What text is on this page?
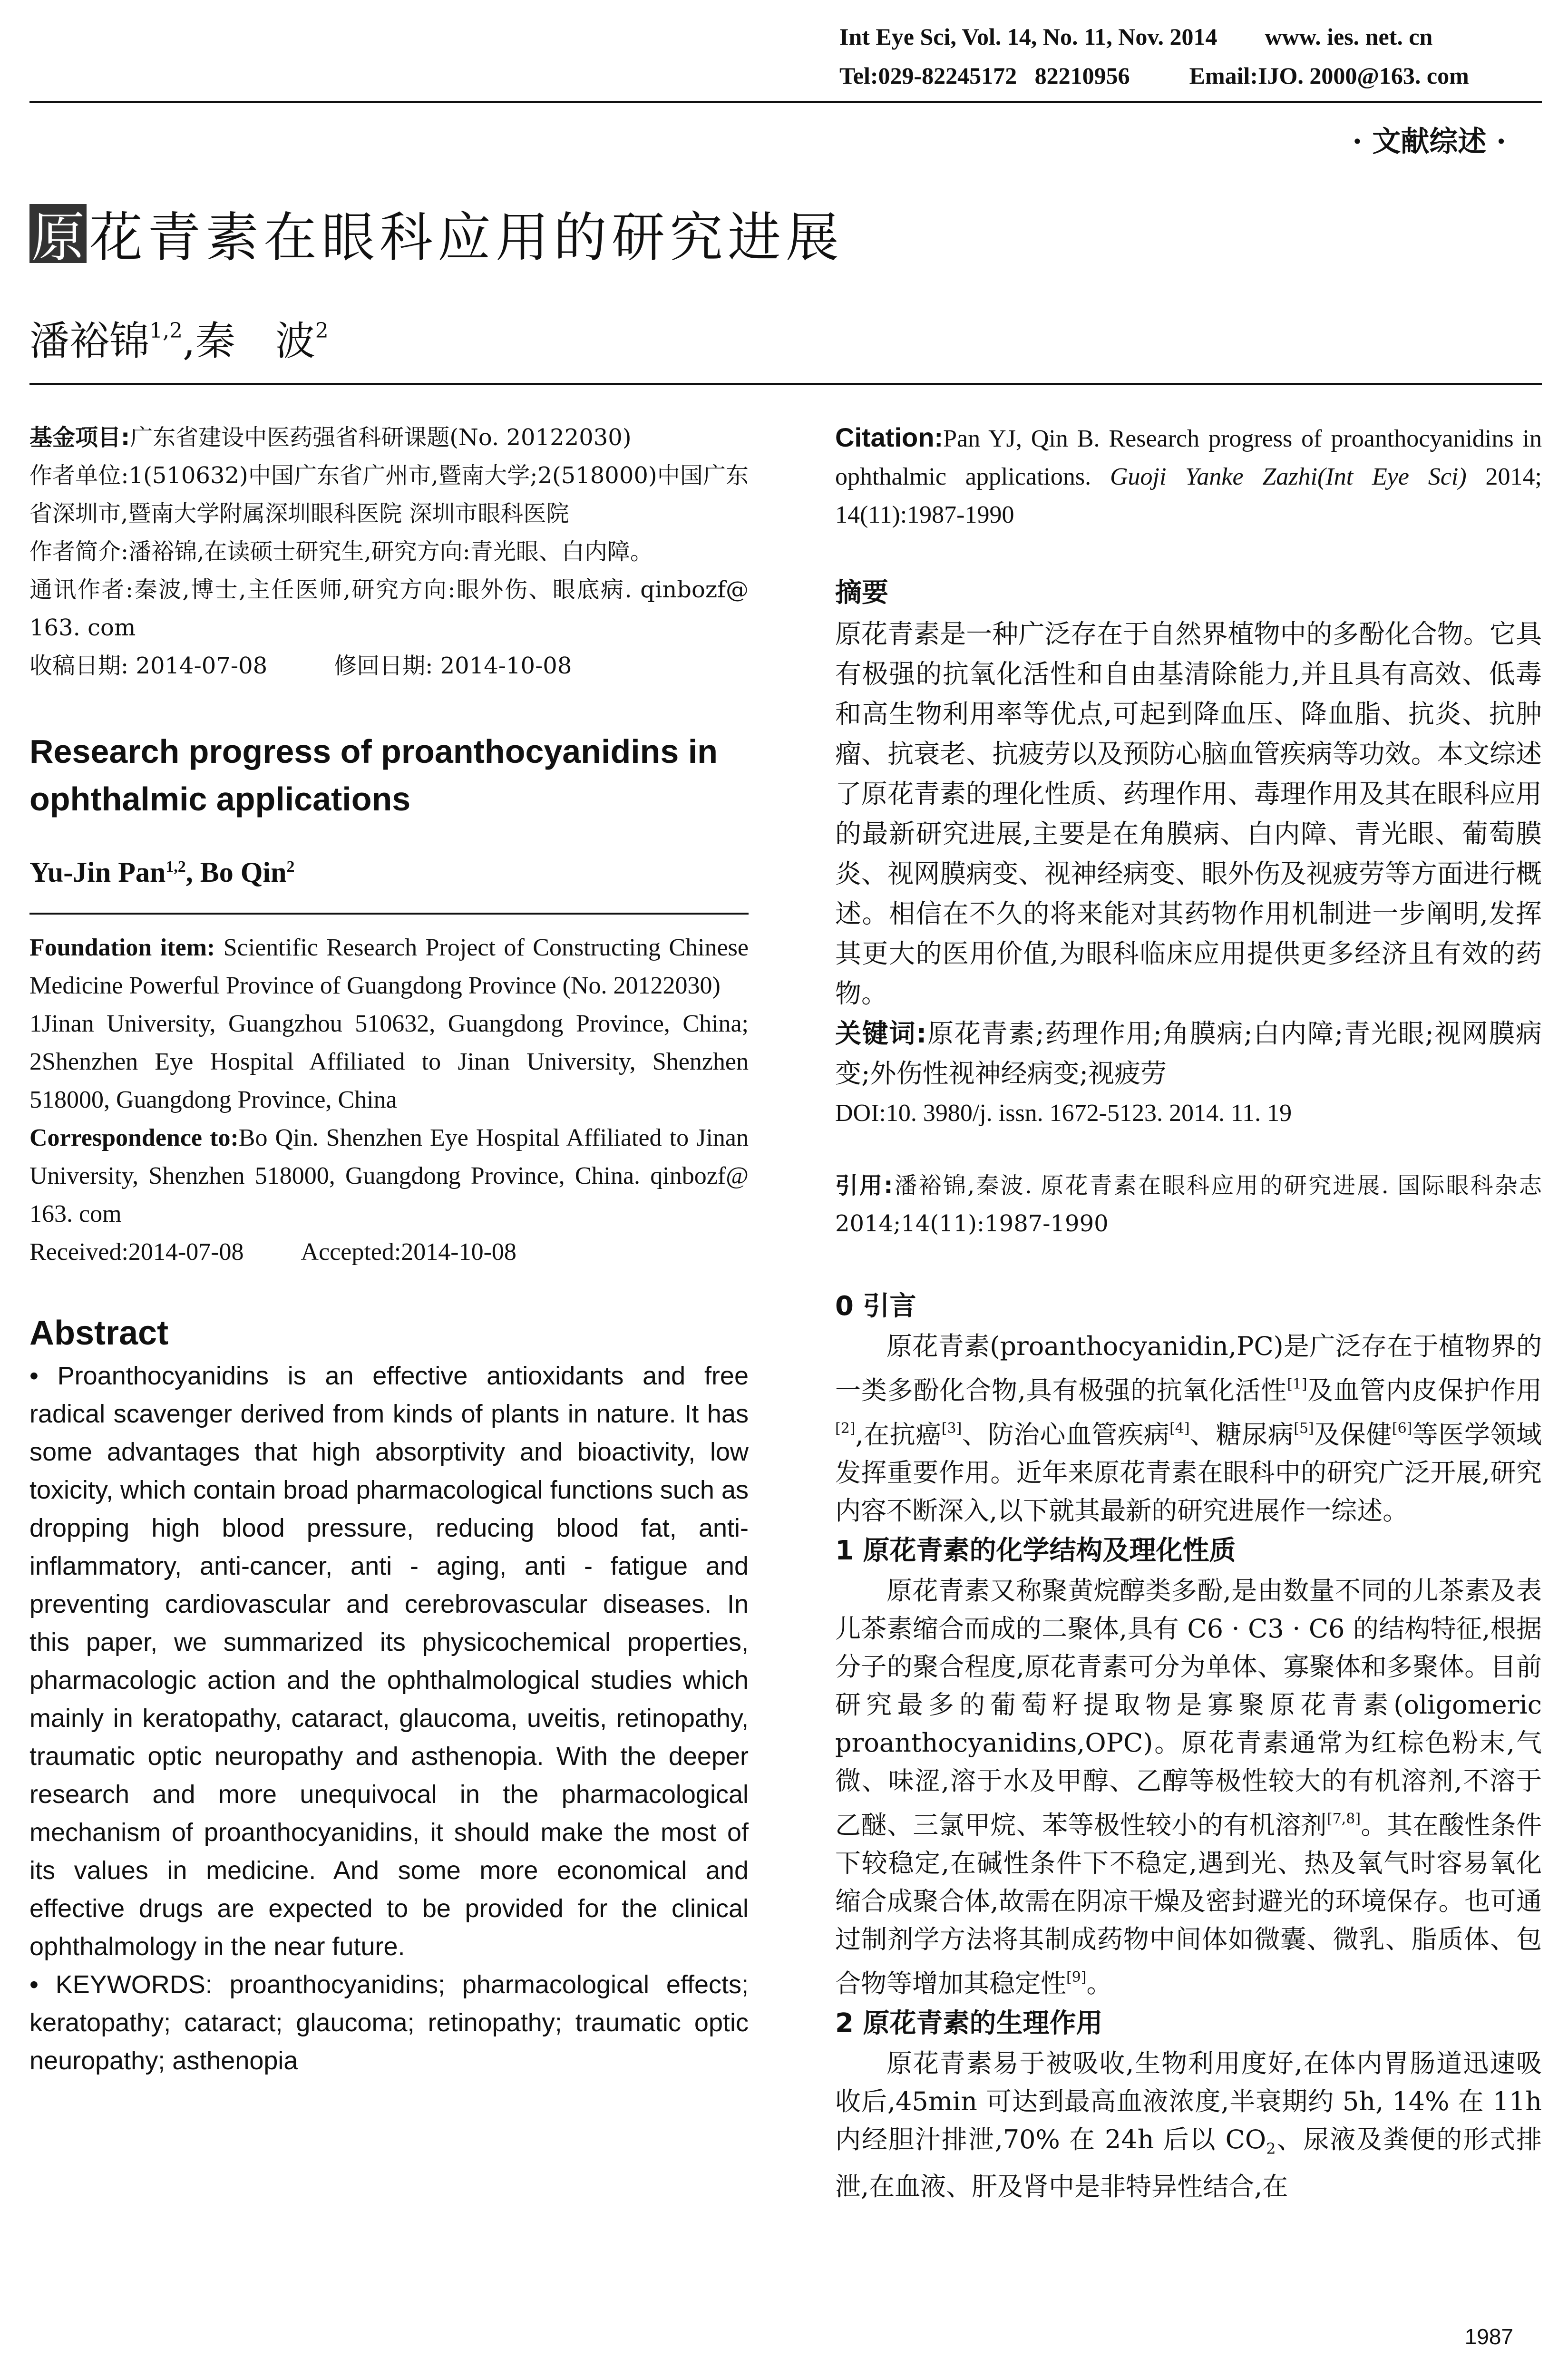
Int Eye Sci, Vol. 14, No. 11, Nov. 2014        www. ies. net. cn
Tel:029-82245172   82210956          Email:IJO. 2000@163. com
· 文献综述 ·
原 花青素在眼科应用的研究进展
潘裕锦$^{1,2}$,秦　波$^2$
基金项目:广东省建设中医药强省科研课题(No. 20122030)
作者单位:1(510632)中国广东省广州市,暨南大学;2(518000)中国广东省深圳市,暨南大学附属深圳眼科医院 深圳市眼科医院
作者简介:潘裕锦,在读硕士研究生,研究方向:青光眼、白内障。
通讯作者:秦波,博士,主任医师,研究方向:眼外伤、眼底病. qinbozf@ 163. com
收稿日期: 2014-07-08	修回日期: 2014-10-08
Research progress of proanthocyanidins in ophthalmic applications
Yu-Jin Pan$^{1,2}$, Bo Qin$^2$
Foundation item: Scientific Research Project of Constructing Chinese Medicine Powerful Province of Guangdong Province (No. 20122030)
1Jinan University, Guangzhou 510632, Guangdong Province, China; 2Shenzhen Eye Hospital Affiliated to Jinan University, Shenzhen 518000, Guangdong Province, China
Correspondence to:Bo Qin. Shenzhen Eye Hospital Affiliated to Jinan University, Shenzhen 518000, Guangdong Province, China. qinbozf@ 163. com
Received:2014-07-08 Accepted:2014-10-08
Abstract
• Proanthocyanidins is an effective antioxidants and free radical scavenger derived from kinds of plants in nature. It has some advantages that high absorptivity and bioactivity, low toxicity, which contain broad pharmacological functions such as dropping high blood pressure, reducing blood fat, anti-inflammatory, anti-cancer, anti - aging, anti - fatigue and preventing cardiovascular and cerebrovascular diseases. In this paper, we summarized its physicochemical properties, pharmacologic action and the ophthalmological studies which mainly in keratopathy, cataract, glaucoma, uveitis, retinopathy, traumatic optic neuropathy and asthenopia. With the deeper research and more unequivocal in the pharmacological mechanism of proanthocyanidins, it should make the most of its values in medicine. And some more economical and effective drugs are expected to be provided for the clinical ophthalmology in the near future.
• KEYWORDS: proanthocyanidins; pharmacological effects; keratopathy; cataract; glaucoma; retinopathy; traumatic optic neuropathy; asthenopia
Citation:Pan YJ, Qin B. Research progress of proanthocyanidins in ophthalmic applications. Guoji Yanke Zazhi(Int Eye Sci) 2014; 14(11):1987-1990
摘要
原花青素是一种广泛存在于自然界植物中的多酚化合物。它具有极强的抗氧化活性和自由基清除能力,并且具有高效、低毒和高生物利用率等优点,可起到降血压、降血脂、抗炎、抗肿瘤、抗衰老、抗疲劳以及预防心脑血管疾病等功效。本文综述了原花青素的理化性质、药理作用、毒理作用及其在眼科应用的最新研究进展,主要是在角膜病、白内障、青光眼、葡萄膜炎、视网膜病变、视神经病变、眼外伤及视疲劳等方面进行概述。相信在不久的将来能对其药物作用机制进一步阐明,发挥其更大的医用价值,为眼科临床应用提供更多经济且有效的药物。
关键词:原花青素;药理作用;角膜病;白内障;青光眼;视网膜病变;外伤性视神经病变;视疲劳
DOI:10. 3980/j. issn. 1672-5123. 2014. 11. 19
引用:潘裕锦,秦波. 原花青素在眼科应用的研究进展. 国际眼科杂志 2014;14(11):1987-1990
0 引言
原花青素(proanthocyanidin,PC)是广泛存在于植物界的一类多酚化合物,具有极强的抗氧化活性[1]及血管内皮保护作用[2],在抗癌[3]、防治心血管疾病[4]、糖尿病[5]及保健[6]等医学领域发挥重要作用。近年来原花青素在眼科中的研究广泛开展,研究内容不断深入,以下就其最新的研究进展作一综述。
1 原花青素的化学结构及理化性质
原花青素又称聚黄烷醇类多酚,是由数量不同的儿茶素及表儿茶素缩合而成的二聚体,具有 C6 · C3 · C6 的结构特征,根据分子的聚合程度,原花青素可分为单体、寡聚体和多聚体。目前研究最多的葡萄籽提取物是寡聚原花青素(oligomeric proanthocyanidins,OPC)。原花青素通常为红棕色粉末,气微、味涩,溶于水及甲醇、乙醇等极性较大的有机溶剂,不溶于乙醚、三氯甲烷、苯等极性较小的有机溶剂[7,8]。其在酸性条件下较稳定,在碱性条件下不稳定,遇到光、热及氧气时容易氧化缩合成聚合体,故需在阴凉干燥及密封避光的环境保存。也可通过制剂学方法将其制成药物中间体如微囊、微乳、脂质体、包合物等增加其稳定性[9]。
2 原花青素的生理作用
原花青素易于被吸收,生物利用度好,在体内胃肠道迅速吸收后,45min 可达到最高血液浓度,半衰期约 5h, 14% 在 11h 内经胆汁排泄,70% 在 24h 后以 $CO_2$、尿液及粪便的形式排泄,在血液、肝及肾中是非特异性结合,在
1987
